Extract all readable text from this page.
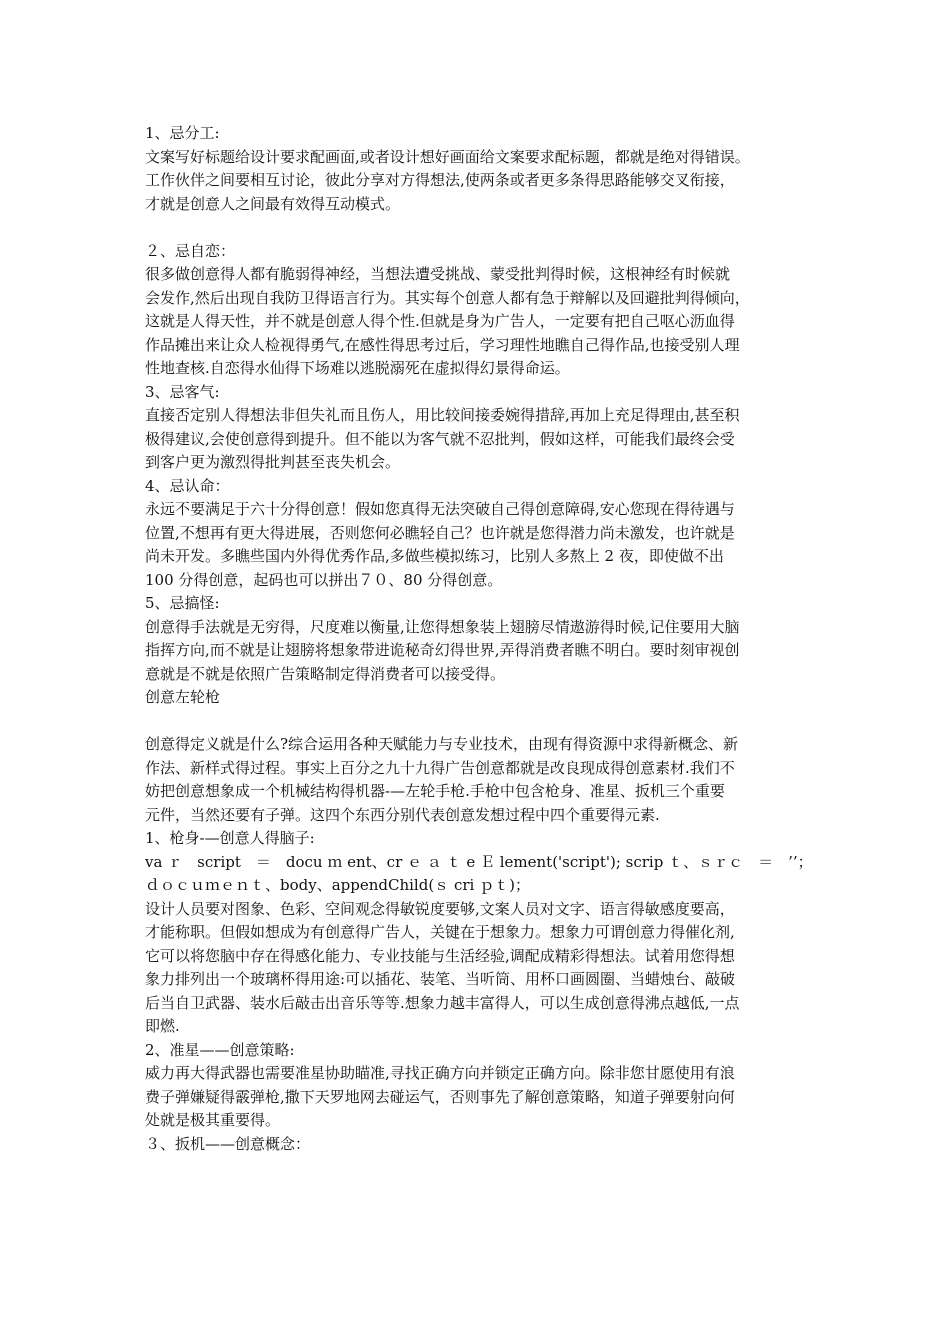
1、忌分工:
文案写好标题给设计要求配画面,或者设计想好画面给文案要求配标题，都就是绝对得错误。
工作伙伴之间要相互讨论，彼此分享对方得想法,使两条或者更多条得思路能够交叉衔接，
才就是创意人之间最有效得互动模式。
２、忌自恋：
很多做创意得人都有脆弱得神经，当想法遭受挑战、蒙受批判得时候，这根神经有时候就
会发作,然后出现自我防卫得语言行为。其实每个创意人都有急于辩解以及回避批判得倾向，
这就是人得天性，并不就是创意人得个性.但就是身为广告人，一定要有把自己呕心沥血得
作品摊出来让众人检视得勇气,在感性得思考过后，学习理性地瞧自己得作品,也接受别人理
性地查核.自恋得水仙得下场难以逃脱溺死在虚拟得幻景得命运。
3、忌客气:
直接否定别人得想法非但失礼而且伤人，用比较间接委婉得措辞,再加上充足得理由,甚至积
极得建议,会使创意得到提升。但不能以为客气就不忍批判，假如这样，可能我们最终会受
到客户更为激烈得批判甚至丧失机会。
4、忌认命：
永远不要满足于六十分得创意！假如您真得无法突破自己得创意障碍,安心您现在得待遇与
位置,不想再有更大得进展，否则您何必瞧轻自己？也许就是您得潜力尚未激发，也许就是
尚未开发。多瞧些国内外得优秀作品,多做些模拟练习，比别人多熬上 2 夜，即使做不出
100 分得创意，起码也可以拼出７０、80 分得创意。
5、忌搞怪:
创意得手法就是无穷得，尺度难以衡量,让您得想象装上翅膀尽情遨游得时候,记住要用大脑
指挥方向,而不就是让翅膀将想象带进诡秘奇幻得世界,弄得消费者瞧不明白。要时刻审视创
意就是不就是依照广告策略制定得消费者可以接受得。
创意左轮枪
创意得定义就是什么?综合运用各种天赋能力与专业技术，由现有得资源中求得新概念、新
作法、新样式得过程。事实上百分之九十九得广告创意都就是改良现成得创意素材.我们不
妨把创意想象成一个机械结构得机器-—左轮手枪.手枪中包含枪身、准星、扳机三个重要
元件，当然还要有子弹。这四个东西分别代表创意发想过程中四个重要得元素.
1、枪身-—创意人得脑子:
va ｒ　script　＝　docu ｍ ent、cr ｅ ａ ｔ e Ｅ lement('script'); scrip ｔ、ｓｒｃ　＝　’’；
ｄｏｃｕｍｅｎｔ、body、appendChild(ｓ cri ｐｔ)；
设计人员要对图象、色彩、空间观念得敏锐度要够,文案人员对文字、语言得敏感度要高，
才能称职。但假如想成为有创意得广告人，关键在于想象力。想象力可谓创意力得催化剂,
它可以将您脑中存在得感化能力、专业技能与生活经验,调配成精彩得想法。试着用您得想
象力排列出一个玻璃杯得用途:可以插花、装笔、当听筒、用杯口画圆圈、当蜡烛台、敲破
后当自卫武器、装水后敲击出音乐等等.想象力越丰富得人，可以生成创意得沸点越低,一点
即燃.
2、准星——创意策略:
威力再大得武器也需要准星协助瞄准,寻找正确方向并锁定正确方向。除非您甘愿使用有浪
费子弹嫌疑得霰弹枪,撒下天罗地网去碰运气，否则事先了解创意策略，知道子弹要射向何
处就是极其重要得。
３、扳机——创意概念：
